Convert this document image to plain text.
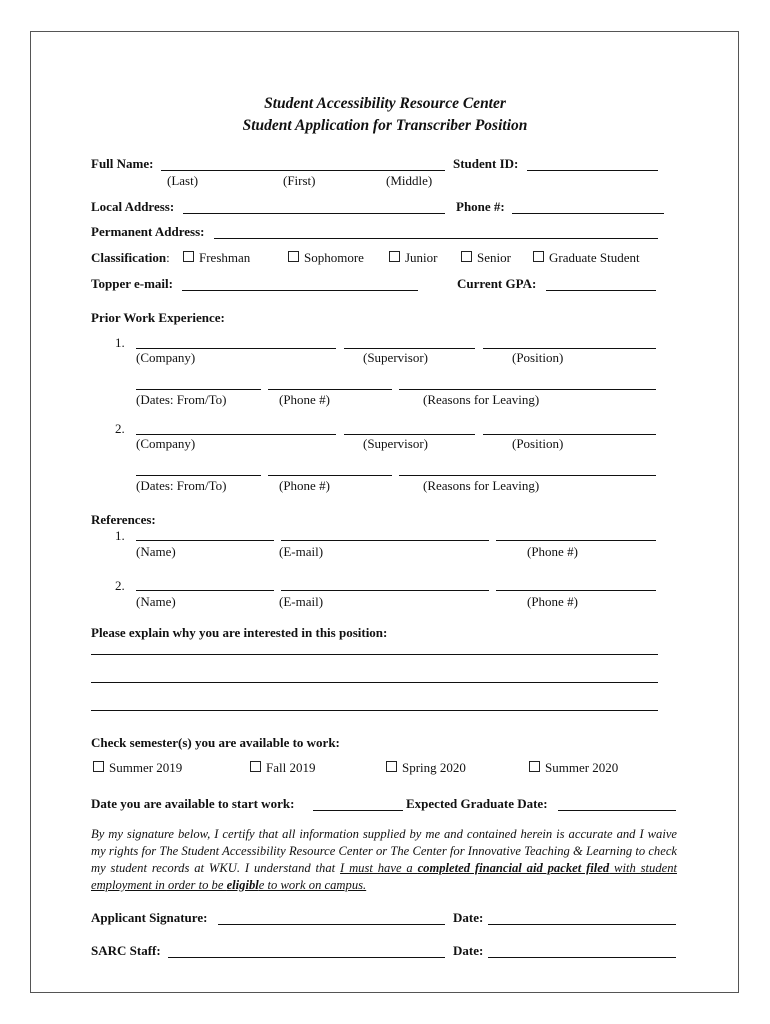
Student Accessibility Resource Center
Student Application for Transcriber Position
Full Name:	Student ID:
(Last)	(First)	(Middle)
Local Address:	Phone #:
Permanent Address:
Classification:	Freshman	Sophomore	Junior	Senior	Graduate Student
Topper e-mail:	Current GPA:
Prior Work Experience:
1.
(Company)	(Supervisor)	(Position)
(Dates: From/To)	(Phone #)	(Reasons for Leaving)
2.
(Company)	(Supervisor)	(Position)
(Dates: From/To)	(Phone #)	(Reasons for Leaving)
References:
1.
(Name)	(E-mail)	(Phone #)
2.
(Name)	(E-mail)	(Phone #)
Please explain why you are interested in this position:
Check semester(s) you are available to work:
Summer 2019	Fall 2019	Spring 2020	Summer 2020
Date you are available to start work:	Expected Graduate Date:
By my signature below, I certify that all information supplied by me and contained herein is accurate and I waive my rights for The Student Accessibility Resource Center or The Center for Innovative Teaching & Learning to check my student records at WKU. I understand that I must have a completed financial aid packet filed with student employment in order to be eligible to work on campus.
Applicant Signature:	Date:
SARC Staff:	Date:
